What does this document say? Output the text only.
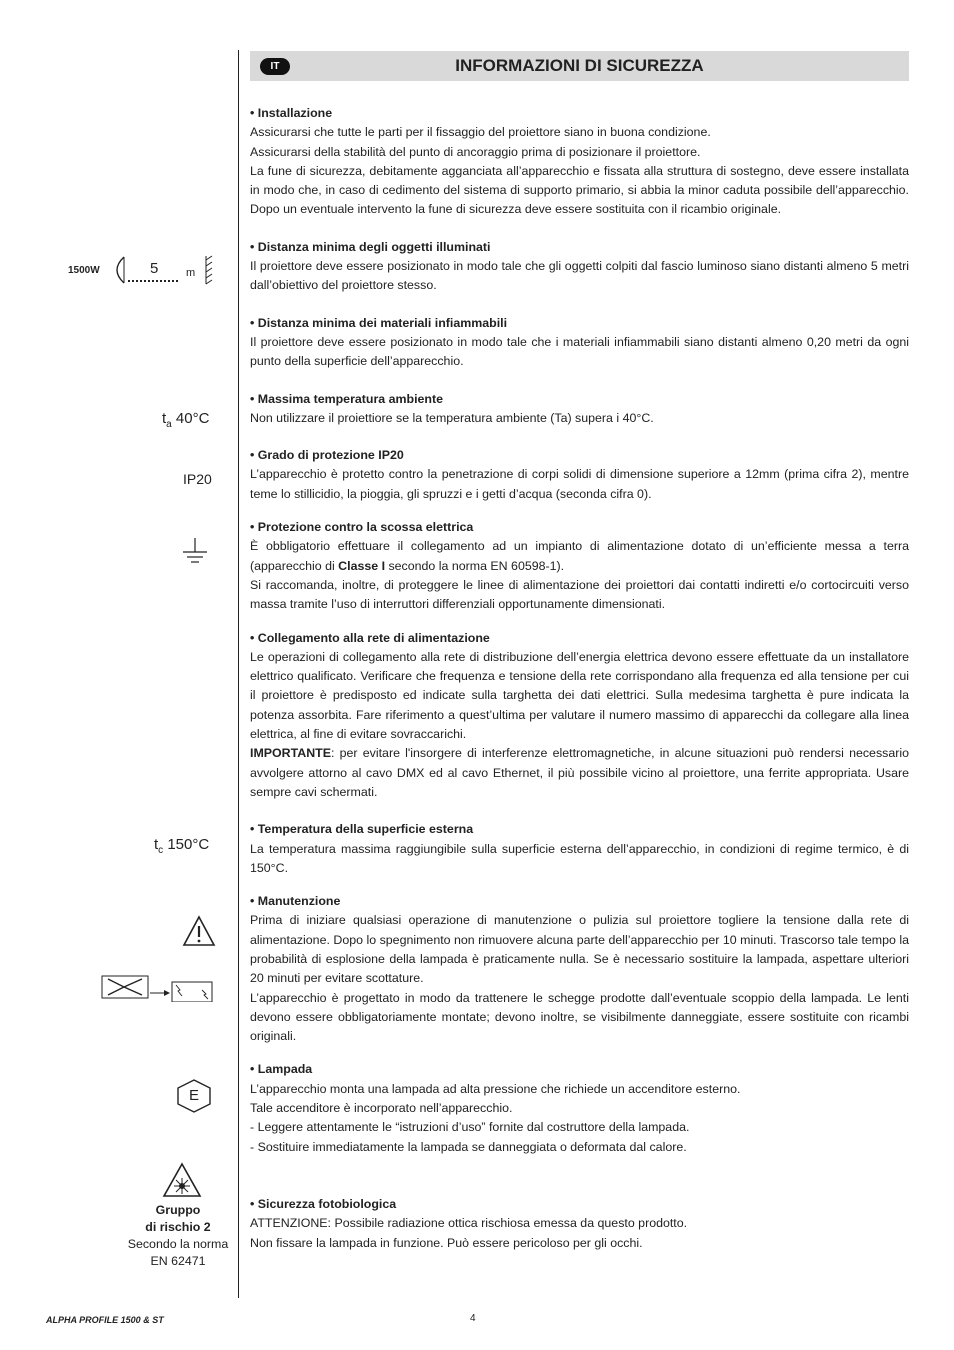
IT	INFORMAZIONI DI SICUREZZA
1500W	5	m
$t_a$ 40°C
IP20
$t_c$ 150°C
E
Gruppo
di rischio 2
Secondo la norma
EN 62471
• Installazione

Assicurarsi che tutte le parti per il fissaggio del proiettore siano in buona condizione.

Assicurarsi della stabilità del punto di ancoraggio prima di posizionare il proiettore.

La fune di sicurezza, debitamente agganciata all’apparecchio e fissata alla struttura di sostegno, deve essere installata in modo che, in caso di cedimento del sistema di supporto primario, si abbia la minor caduta possibile dell’apparecchio. Dopo un eventuale intervento la fune di sicurezza deve essere sostituita con il ricambio originale.

• Distanza minima degli oggetti illuminati

Il proiettore deve essere posizionato in modo tale che gli oggetti colpiti dal fascio luminoso siano distanti almeno 5 metri dall’obiettivo del proiettore stesso.

• Distanza minima dei materiali infiammabili

Il proiettore deve essere posizionato in modo tale che i materiali infiammabili siano distanti almeno 0,20 metri da ogni punto della superficie dell’apparecchio.

• Massima temperatura ambiente

Non utilizzare il proiettiore se la temperatura ambiente (Ta) supera i 40°C.

• Grado di protezione IP20

L’apparecchio è protetto contro la penetrazione di corpi solidi di dimensione superiore a 12mm (prima cifra 2), mentre teme lo stillicidio, la pioggia, gli spruzzi e i getti d’acqua (seconda cifra 0).

• Protezione contro la scossa elettrica

È obbligatorio effettuare il collegamento ad un impianto di alimentazione dotato di un’efficiente messa a terra (apparecchio di Classe I secondo la norma EN 60598-1).

Si raccomanda, inoltre, di proteggere le linee di alimentazione dei proiettori dai contatti indiretti e/o cortocircuiti verso massa tramite l’uso di interruttori differenziali opportunamente dimensionati.

• Collegamento alla rete di alimentazione

Le operazioni di collegamento alla rete di distribuzione dell’energia elettrica devono essere effettuate da un installatore elettrico qualificato. Verificare che frequenza e tensione della rete corrispondano alla frequenza ed alla tensione per cui il proiettore è predisposto ed indicate sulla targhetta dei dati elettrici. Sulla medesima targhetta è pure indicata la potenza assorbita. Fare riferimento a quest’ultima per valutare il numero massimo di apparecchi da collegare alla linea elettrica, al fine di evitare sovraccarichi.

IMPORTANTE: per evitare l'insorgere di interferenze elettromagnetiche, in alcune situazioni può rendersi necessario avvolgere attorno al cavo DMX ed al cavo Ethernet, il più possibile vicino al proiettore, una ferrite appropriata. Usare sempre cavi schermati.

• Temperatura della superficie esterna

La temperatura massima raggiungibile sulla superficie esterna dell’apparecchio, in condizioni di regime termico, è di 150°C.

• Manutenzione

Prima di iniziare qualsiasi operazione di manutenzione o pulizia sul proiettore togliere la tensione dalla rete di alimentazione. Dopo lo spegnimento non rimuovere alcuna parte dell’apparecchio per 10 minuti. Trascorso tale tempo la probabilità di esplosione della lampada è praticamente nulla. Se è necessario sostituire la lampada, aspettare ulteriori 20 minuti per evitare scottature.

L’apparecchio è progettato in modo da trattenere le schegge prodotte dall’eventuale scoppio della lampada. Le lenti devono essere obbligatoriamente montate; devono inoltre, se visibilmente danneggiate, essere sostituite con ricambi originali.

• Lampada

L’apparecchio monta una lampada ad alta pressione che richiede un accenditore esterno.

Tale accenditore è incorporato nell’apparecchio.

- Leggere attentamente le “istruzioni d’uso” fornite dal costruttore della lampada.

- Sostituire immediatamente la lampada se danneggiata o deformata dal calore.

• Sicurezza fotobiologica

ATTENZIONE: Possibile radiazione ottica rischiosa emessa da questo prodotto.

Non fissare la lampada in funzione. Può essere pericoloso per gli occhi.

ALPHA PROFILE 1500 & ST	4
